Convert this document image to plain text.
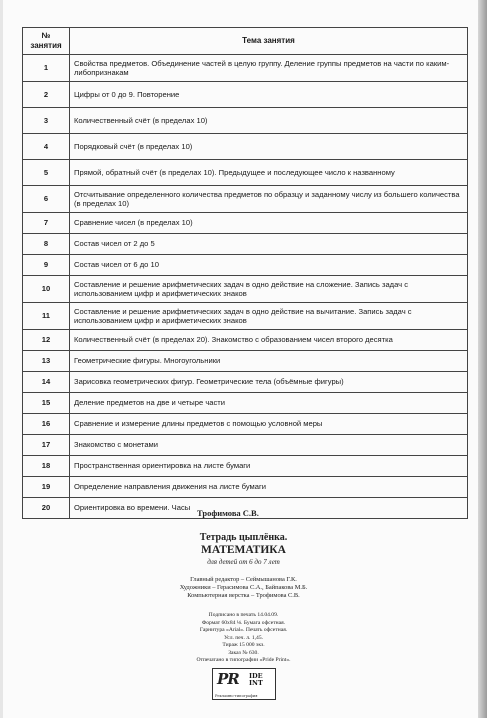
№
занятия	Тема занятия
1	Свойства предметов. Объединение частей в целую группу. Деление группы предметов на части по каким-либопризнакам
2	Цифры от 0 до 9. Повторение
3	Количественный счёт (в пределах 10)
4	Порядковый счёт (в пределах 10)
5	Прямой, обратный счёт (в пределах 10). Предыдущее и последующее число к названному
6	Отсчитывание определенного количества предметов по образцу и заданному числу из большего количества (в пределах 10)
7	Сравнение чисел (в пределах 10)
8	Состав чисел от 2 до 5
9	Состав чисел от 6 до 10
10	Составление и решение арифметических задач в одно действие на сложение. Запись задач с использованием цифр и арифметических знаков
11	Составление и решение арифметических задач в одно действие на вычитание. Запись задач с использованием цифр и арифметических знаков
12	Количественный счёт (в пределах 20). Знакомство с образованием чисел второго десятка
13	Геометрические фигуры. Многоугольники
14	Зарисовка геометрических фигур. Геометрические тела (объёмные фигуры)
15	Деление предметов на две и четыре части
16	Сравнение и измерение длины предметов с помощью условной меры
17	Знакомство с монетами
18	Пространственная ориентировка на листе бумаги
19	Определение направления движения на листе бумаги
20	Ориентировка во времени. Часы
Трофимова С.В.
Тетрадь цыплёнка.
МАТЕМАТИКА
для детей от 6 до 7 лет
Главный редактор – Сеймышанова Г.К.
Художники – Герасимова С.А., Байпакова М.Б.
Компьютерная верстка – Трофимова С.В.
Подписано в печать 14.04.09.
Формат 60х84 ⅛. Бумага офсетная.
Гарнитура «Arial». Печать офсетная.
Усл. печ. л. 1,45.
Тираж 15 000 экз.
Заказ № 630.
Отпечатано в типографии «Pride Print».
PR IDE
INT
Рекламно-типография
